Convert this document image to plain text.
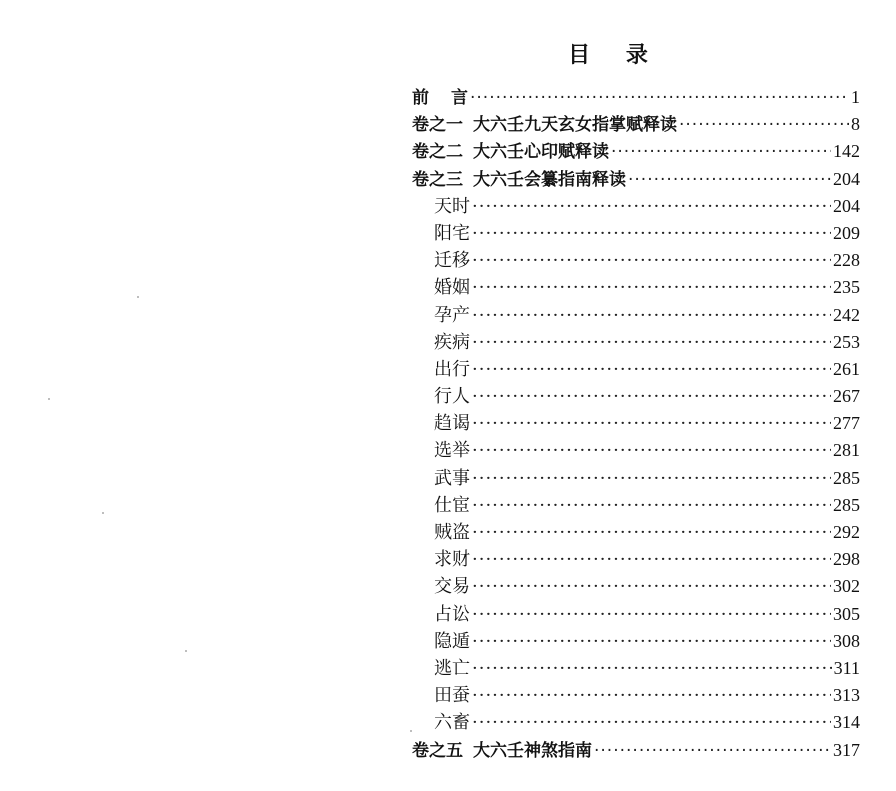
目 录
前 言 ·····	1
卷之一 大六壬九天玄女指掌赋释读 ·····	8
卷之二 大六壬心印赋释读 ·····	142
卷之三 大六壬会纂指南释读 ·····	204
天时 ·····	204
阳宅 ·····	209
迁移 ·····	228
婚姻 ·····	235
孕产 ·····	242
疾病 ·····	253
出行 ·····	261
行人 ·····	267
趋谒 ·····	277
选举 ·····	281
武事 ·····	285
仕宦 ·····	285
贼盗 ·····	292
求财 ·····	298
交易 ·····	302
占讼 ·····	305
隐遁 ·····	308
逃亡 ·····	311
田蚕 ·····	313
六畜 ·····	314
卷之五 大六壬神煞指南 ·····	317
